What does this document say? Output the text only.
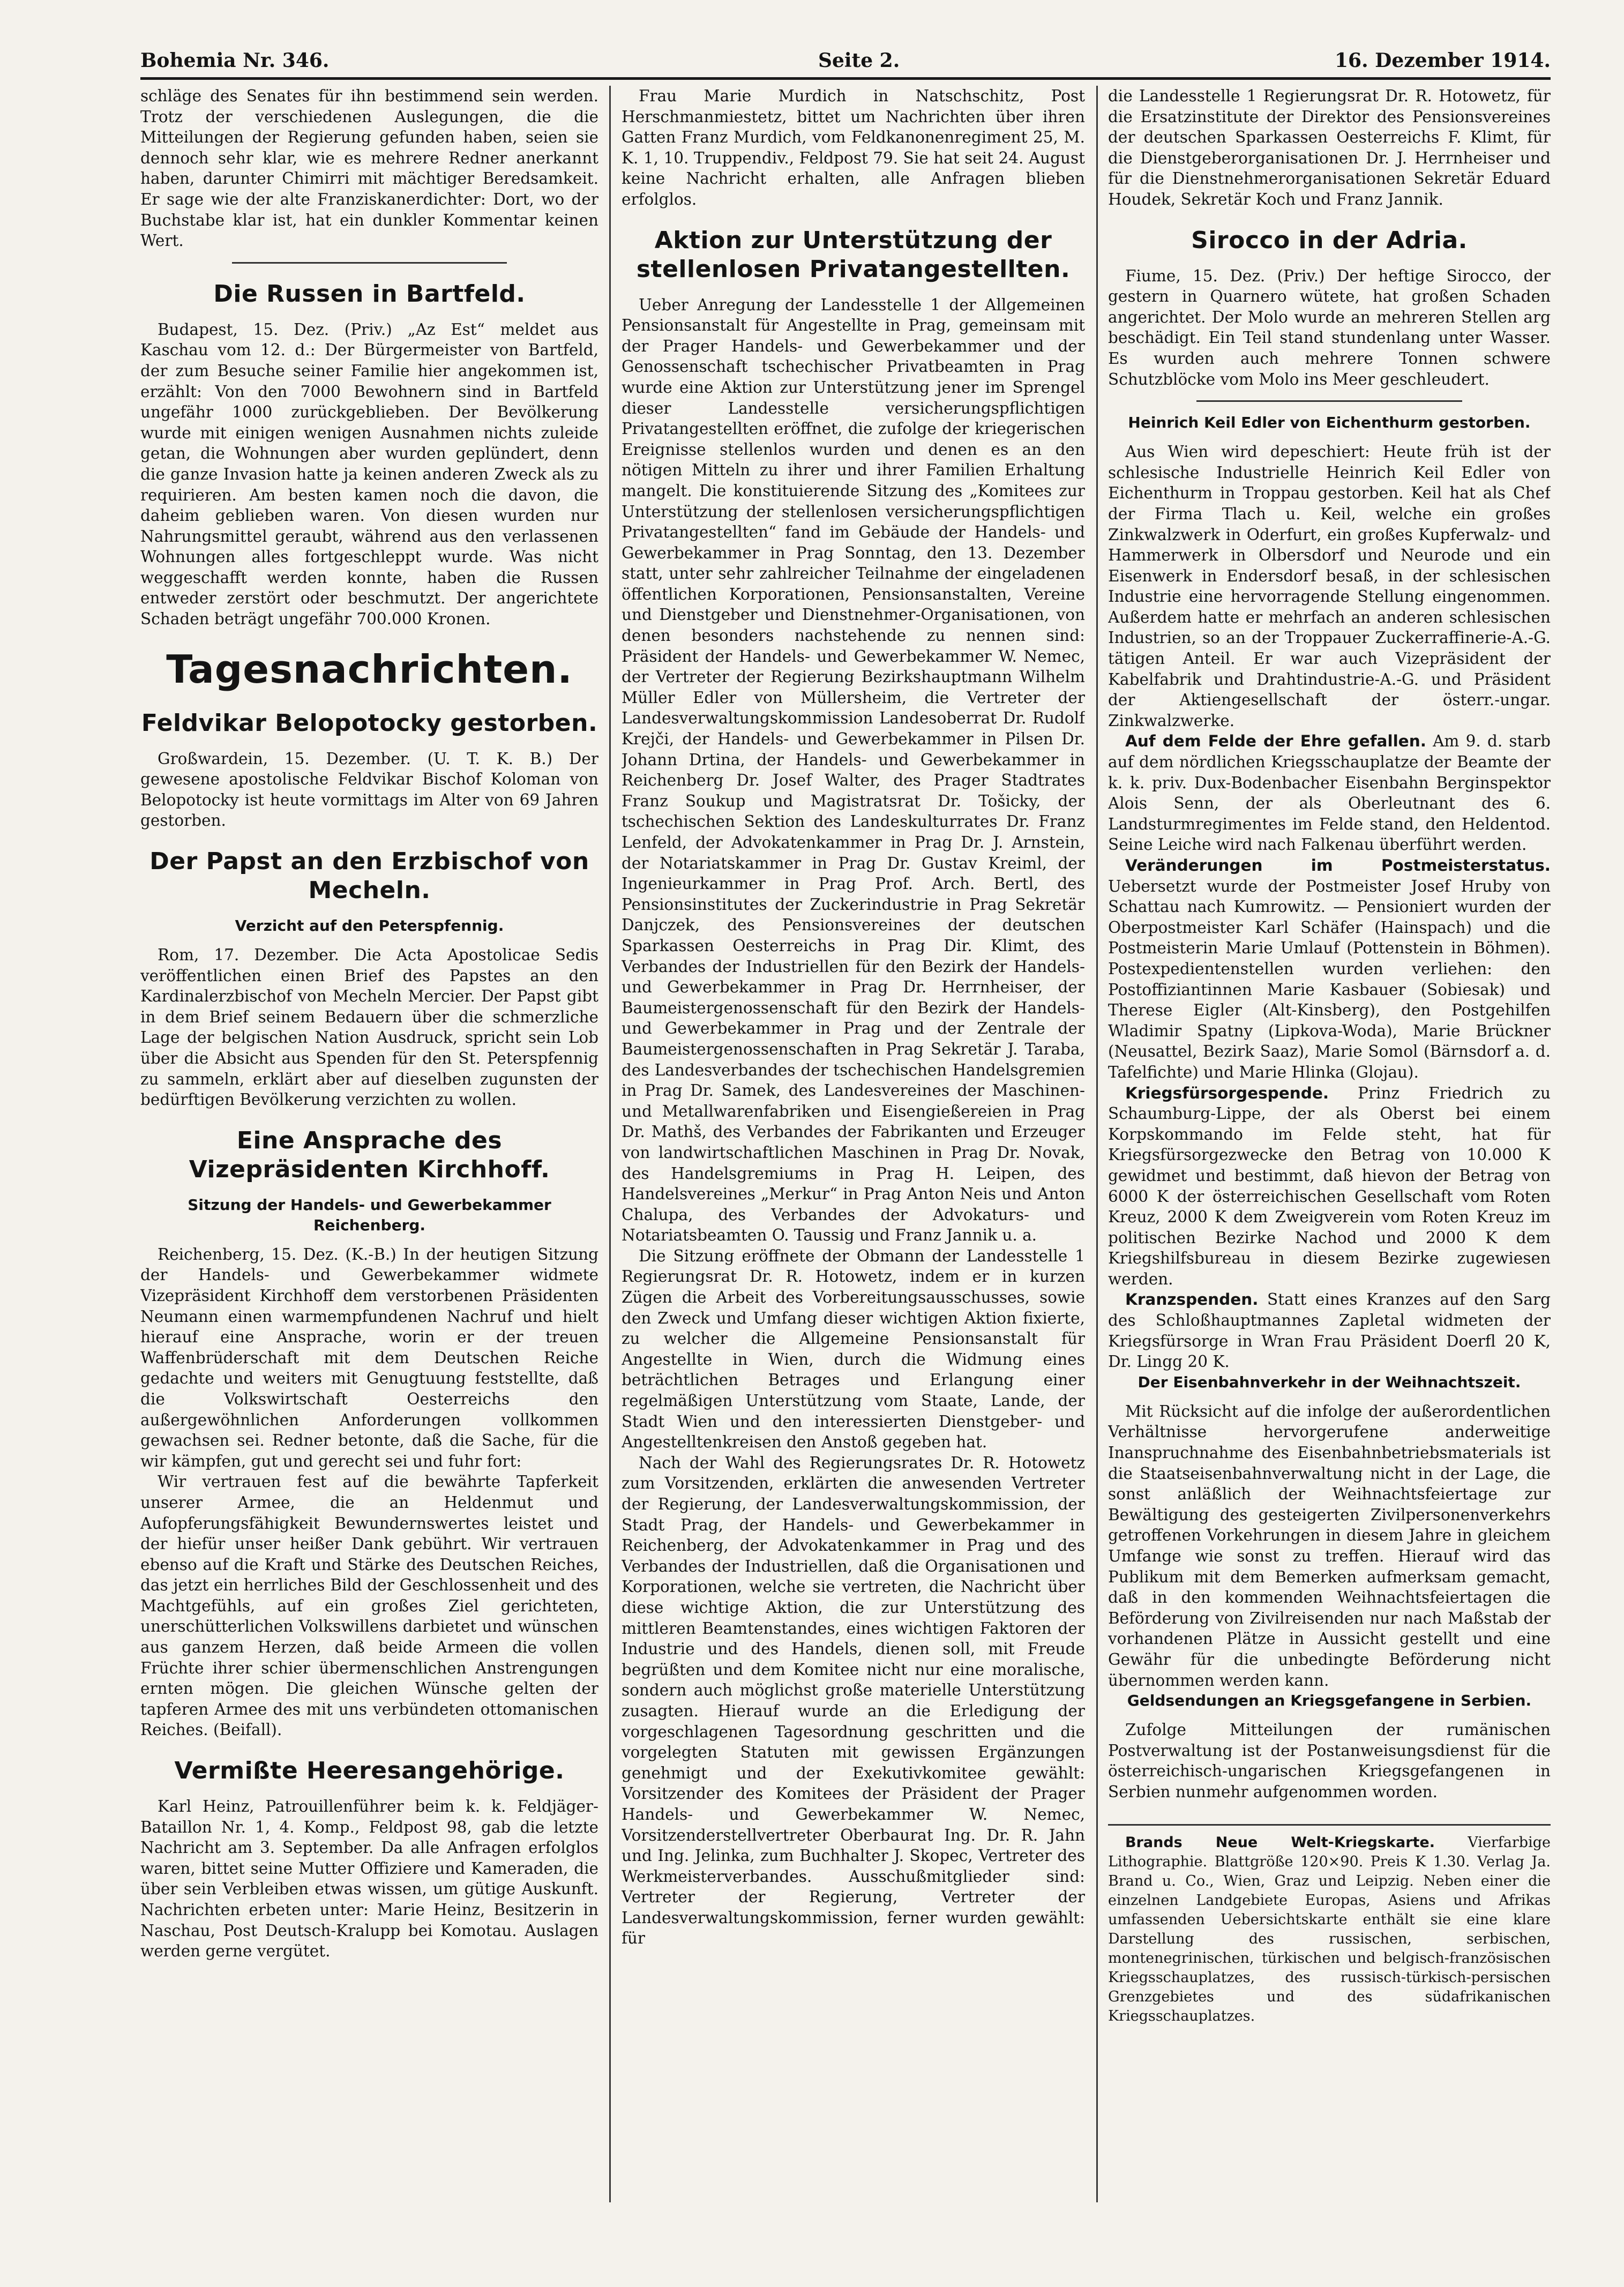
Bohemia Nr. 346.	Seite 2.	16. Dezember 1914.

schläge des Senates für ihn bestimmend sein werden. Trotz der verschiedenen Auslegungen, die die Mitteilungen der Regierung gefunden haben, seien sie dennoch sehr klar, wie es mehrere Redner anerkannt haben, darunter Chimirri mit mächtiger Beredsamkeit. Er sage wie der alte Franziskanerdichter: Dort, wo der Buchstabe klar ist, hat ein dunkler Kommentar keinen Wert.

Die Russen in Bartfeld.

Budapest, 15. Dez. (Priv.) „Az Est“ meldet aus Kaschau vom 12. d.: Der Bürgermeister von Bartfeld, der zum Besuche seiner Familie hier angekommen ist, erzählt: Von den 7000 Bewohnern sind in Bartfeld ungefähr 1000 zurückgeblieben. Der Bevölkerung wurde mit einigen wenigen Ausnahmen nichts zuleide getan, die Wohnungen aber wurden geplündert, denn die ganze Invasion hatte ja keinen anderen Zweck als zu requirieren. Am besten kamen noch die davon, die daheim geblieben waren. Von diesen wurden nur Nahrungsmittel geraubt, während aus den verlassenen Wohnungen alles fortgeschleppt wurde. Was nicht weggeschafft werden konnte, haben die Russen entweder zerstört oder beschmutzt. Der angerichtete Schaden beträgt ungefähr 700.000 Kronen.

Tagesnachrichten.
Feldvikar Belopotocky gestorben.

Großwardein, 15. Dezember. (U. T. K. B.) Der gewesene apostolische Feldvikar Bischof Koloman von Belopotocky ist heute vormittags im Alter von 69 Jahren gestorben.

Der Papst an den Erzbischof von Mecheln.
Verzicht auf den Peterspfennig.

Rom, 17. Dezember. Die Acta Apostolicae Sedis veröffentlichen einen Brief des Papstes an den Kardinalerzbischof von Mecheln Mercier. Der Papst gibt in dem Brief seinem Bedauern über die schmerzliche Lage der belgischen Nation Ausdruck, spricht sein Lob über die Absicht aus Spenden für den St. Peterspfennig zu sammeln, erklärt aber auf dieselben zugunsten der bedürftigen Bevölkerung verzichten zu wollen.

Eine Ansprache des Vizepräsidenten Kirchhoff.
Sitzung der Handels- und Gewerbekammer Reichenberg.

Reichenberg, 15. Dez. (K.-B.) In der heutigen Sitzung der Handels- und Gewerbekammer widmete Vizepräsident Kirchhoff dem verstorbenen Präsidenten Neumann einen warmempfundenen Nachruf und hielt hierauf eine Ansprache, worin er der treuen Waffenbrüderschaft mit dem Deutschen Reiche gedachte und weiters mit Genugtuung feststellte, daß die Volkswirtschaft Oesterreichs den außergewöhnlichen Anforderungen vollkommen gewachsen sei. Redner betonte, daß die Sache, für die wir kämpfen, gut und gerecht sei und fuhr fort:

Wir vertrauen fest auf die bewährte Tapferkeit unserer Armee, die an Heldenmut und Aufopferungsfähigkeit Bewundernswertes leistet und der hiefür unser heißer Dank gebührt. Wir vertrauen ebenso auf die Kraft und Stärke des Deutschen Reiches, das jetzt ein herrliches Bild der Geschlossenheit und des Machtgefühls, auf ein großes Ziel gerichteten, unerschütterlichen Volkswillens darbietet und wünschen aus ganzem Herzen, daß beide Armeen die vollen Früchte ihrer schier übermenschlichen Anstrengungen ernten mögen. Die gleichen Wünsche gelten der tapferen Armee des mit uns verbündeten ottomanischen Reiches. (Beifall).

Vermißte Heeresangehörige.

Karl Heinz, Patrouillenführer beim k. k. Feldjäger-Bataillon Nr. 1, 4. Komp., Feldpost 98, gab die letzte Nachricht am 3. September. Da alle Anfragen erfolglos waren, bittet seine Mutter Offiziere und Kameraden, die über sein Verbleiben etwas wissen, um gütige Auskunft. Nachrichten erbeten unter: Marie Heinz, Besitzerin in Naschau, Post Deutsch-Kralupp bei Komotau. Auslagen werden gerne vergütet.

Frau Marie Murdich in Natschschitz, Post Herschmanmiestetz, bittet um Nachrichten über ihren Gatten Franz Murdich, vom Feldkanonenregiment 25, M. K. 1, 10. Truppendiv., Feldpost 79. Sie hat seit 24. August keine Nachricht erhalten, alle Anfragen blieben erfolglos.

Aktion zur Unterstützung der stellenlosen Privatangestellten.

Ueber Anregung der Landesstelle 1 der Allgemeinen Pensionsanstalt für Angestellte in Prag, gemeinsam mit der Prager Handels- und Gewerbekammer und der Genossenschaft tschechischer Privatbeamten in Prag wurde eine Aktion zur Unterstützung jener im Sprengel dieser Landesstelle versicherungspflichtigen Privatangestellten eröffnet, die zufolge der kriegerischen Ereignisse stellenlos wurden und denen es an den nötigen Mitteln zu ihrer und ihrer Familien Erhaltung mangelt. Die konstituierende Sitzung des „Komitees zur Unterstützung der stellenlosen versicherungspflichtigen Privatangestellten“ fand im Gebäude der Handels- und Gewerbekammer in Prag Sonntag, den 13. Dezember statt, unter sehr zahlreicher Teilnahme der eingeladenen öffentlichen Korporationen, Pensionsanstalten, Vereine und Dienstgeber und Dienstnehmer-Organisationen, von denen besonders nachstehende zu nennen sind: Präsident der Handels- und Gewerbekammer W. Nemec, der Vertreter der Regierung Bezirkshauptmann Wilhelm Müller Edler von Müllersheim, die Vertreter der Landesverwaltungskommission Landesoberrat Dr. Rudolf Krejči, der Handels- und Gewerbekammer in Pilsen Dr. Johann Drtina, der Handels- und Gewerbekammer in Reichenberg Dr. Josef Walter, des Prager Stadtrates Franz Soukup und Magistratsrat Dr. Tošicky, der tschechischen Sektion des Landeskulturrates Dr. Franz Lenfeld, der Advokatenkammer in Prag Dr. J. Arnstein, der Notariatskammer in Prag Dr. Gustav Kreiml, der Ingenieurkammer in Prag Prof. Arch. Bertl, des Pensionsinstitutes der Zuckerindustrie in Prag Sekretär Danjczek, des Pensionsvereines der deutschen Sparkassen Oesterreichs in Prag Dir. Klimt, des Verbandes der Industriellen für den Bezirk der Handels- und Gewerbekammer in Prag Dr. Herrnheiser, der Baumeistergenossenschaft für den Bezirk der Handels- und Gewerbekammer in Prag und der Zentrale der Baumeistergenossenschaften in Prag Sekretär J. Taraba, des Landesverbandes der tschechischen Handelsgremien in Prag Dr. Samek, des Landesvereines der Maschinen- und Metallwarenfabriken und Eisengießereien in Prag Dr. Mathš, des Verbandes der Fabrikanten und Erzeuger von landwirtschaftlichen Maschinen in Prag Dr. Novak, des Handelsgremiums in Prag H. Leipen, des Handelsvereines „Merkur“ in Prag Anton Neis und Anton Chalupa, des Verbandes der Advokaturs- und Notariatsbeamten O. Taussig und Franz Jannik u. a.

Die Sitzung eröffnete der Obmann der Landesstelle 1 Regierungsrat Dr. R. Hotowetz, indem er in kurzen Zügen die Arbeit des Vorbereitungsausschusses, sowie den Zweck und Umfang dieser wichtigen Aktion fixierte, zu welcher die Allgemeine Pensionsanstalt für Angestellte in Wien, durch die Widmung eines beträchtlichen Betrages und Erlangung einer regelmäßigen Unterstützung vom Staate, Lande, der Stadt Wien und den interessierten Dienstgeber- und Angestelltenkreisen den Anstoß gegeben hat.

Nach der Wahl des Regierungsrates Dr. R. Hotowetz zum Vorsitzenden, erklärten die anwesenden Vertreter der Regierung, der Landesverwaltungskommission, der Stadt Prag, der Handels- und Gewerbekammer in Reichenberg, der Advokatenkammer in Prag und des Verbandes der Industriellen, daß die Organisationen und Korporationen, welche sie vertreten, die Nachricht über diese wichtige Aktion, die zur Unterstützung des mittleren Beamtenstandes, eines wichtigen Faktoren der Industrie und des Handels, dienen soll, mit Freude begrüßten und dem Komitee nicht nur eine moralische, sondern auch möglichst große materielle Unterstützung zusagten. Hierauf wurde an die Erledigung der vorgeschlagenen Tagesordnung geschritten und die vorgelegten Statuten mit gewissen Ergänzungen genehmigt und der Exekutivkomitee gewählt: Vorsitzender des Komitees der Präsident der Prager Handels- und Gewerbekammer W. Nemec, Vorsitzenderstellvertreter Oberbaurat Ing. Dr. R. Jahn und Ing. Jelinka, zum Buchhalter J. Skopec, Vertreter des Werkmeisterverbandes. Ausschußmitglieder sind: Vertreter der Regierung, Vertreter der Landesverwaltungskommission, ferner wurden gewählt: für

die Landesstelle 1 Regierungsrat Dr. R. Hotowetz, für die Ersatzinstitute der Direktor des Pensionsvereines der deutschen Sparkassen Oesterreichs F. Klimt, für die Dienstgeberorganisationen Dr. J. Herrnheiser und für die Dienstnehmerorganisationen Sekretär Eduard Houdek, Sekretär Koch und Franz Jannik.

Sirocco in der Adria.

Fiume, 15. Dez. (Priv.) Der heftige Sirocco, der gestern in Quarnero wütete, hat großen Schaden angerichtet. Der Molo wurde an mehreren Stellen arg beschädigt. Ein Teil stand stundenlang unter Wasser. Es wurden auch mehrere Tonnen schwere Schutzblöcke vom Molo ins Meer geschleudert.

Heinrich Keil Edler von Eichenthurm gestorben.

Aus Wien wird depeschiert: Heute früh ist der schlesische Industrielle Heinrich Keil Edler von Eichenthurm in Troppau gestorben. Keil hat als Chef der Firma Tlach u. Keil, welche ein großes Zinkwalzwerk in Oderfurt, ein großes Kupferwalz- und Hammerwerk in Olbersdorf und Neurode und ein Eisenwerk in Endersdorf besaß, in der schlesischen Industrie eine hervorragende Stellung eingenommen. Außerdem hatte er mehrfach an anderen schlesischen Industrien, so an der Troppauer Zuckerraffinerie-A.-G. tätigen Anteil. Er war auch Vizepräsident der Kabelfabrik und Drahtindustrie-A.-G. und Präsident der Aktiengesellschaft der österr.-ungar. Zinkwalzwerke.

Auf dem Felde der Ehre gefallen. Am 9. d. starb auf dem nördlichen Kriegsschauplatze der Beamte der k. k. priv. Dux-Bodenbacher Eisenbahn Berginspektor Alois Senn, der als Oberleutnant des 6. Landsturmregimentes im Felde stand, den Heldentod. Seine Leiche wird nach Falkenau überführt werden.

Veränderungen im Postmeisterstatus. Uebersetzt wurde der Postmeister Josef Hruby von Schattau nach Kumrowitz. — Pensioniert wurden der Oberpostmeister Karl Schäfer (Hainspach) und die Postmeisterin Marie Umlauf (Pottenstein in Böhmen). Postexpedientenstellen wurden verliehen: den Postoffiziantinnen Marie Kasbauer (Sobiesak) und Therese Eigler (Alt-Kinsberg), den Postgehilfen Wladimir Spatny (Lipkova-Woda), Marie Brückner (Neusattel, Bezirk Saaz), Marie Somol (Bärnsdorf a. d. Tafelfichte) und Marie Hlinka (Glojau).

Kriegsfürsorgespende. Prinz Friedrich zu Schaumburg-Lippe, der als Oberst bei einem Korpskommando im Felde steht, hat für Kriegsfürsorgezwecke den Betrag von 10.000 K gewidmet und bestimmt, daß hievon der Betrag von 6000 K der österreichischen Gesellschaft vom Roten Kreuz, 2000 K dem Zweigverein vom Roten Kreuz im politischen Bezirke Nachod und 2000 K dem Kriegshilfsbureau in diesem Bezirke zugewiesen werden.

Kranzspenden. Statt eines Kranzes auf den Sarg des Schloßhauptmannes Zapletal widmeten der Kriegsfürsorge in Wran Frau Präsident Doerfl 20 K, Dr. Lingg 20 K.

Der Eisenbahnverkehr in der Weihnachtszeit.

Mit Rücksicht auf die infolge der außerordentlichen Verhältnisse hervorgerufene anderweitige Inanspruchnahme des Eisenbahnbetriebsmaterials ist die Staatseisenbahnverwaltung nicht in der Lage, die sonst anläßlich der Weihnachtsfeiertage zur Bewältigung des gesteigerten Zivilpersonenverkehrs getroffenen Vorkehrungen in diesem Jahre in gleichem Umfange wie sonst zu treffen. Hierauf wird das Publikum mit dem Bemerken aufmerksam gemacht, daß in den kommenden Weihnachtsfeiertagen die Beförderung von Zivilreisenden nur nach Maßstab der vorhandenen Plätze in Aussicht gestellt und eine Gewähr für die unbedingte Beförderung nicht übernommen werden kann.

Geldsendungen an Kriegsgefangene in Serbien.

Zufolge Mitteilungen der rumänischen Postverwaltung ist der Postanweisungsdienst für die österreichisch-ungarischen Kriegsgefangenen in Serbien nunmehr aufgenommen worden.

Brands Neue Welt-Kriegskarte. Vierfarbige Lithographie. Blattgröße 120×90. Preis K 1.30. Verlag Ja. Brand u. Co., Wien, Graz und Leipzig. Neben einer die einzelnen Landgebiete Europas, Asiens und Afrikas umfassenden Uebersichtskarte enthält sie eine klare Darstellung des russischen, serbischen, montenegrinischen, türkischen und belgisch-französischen Kriegsschauplatzes, des russisch-türkisch-persischen Grenzgebietes und des südafrikanischen Kriegsschauplatzes.
